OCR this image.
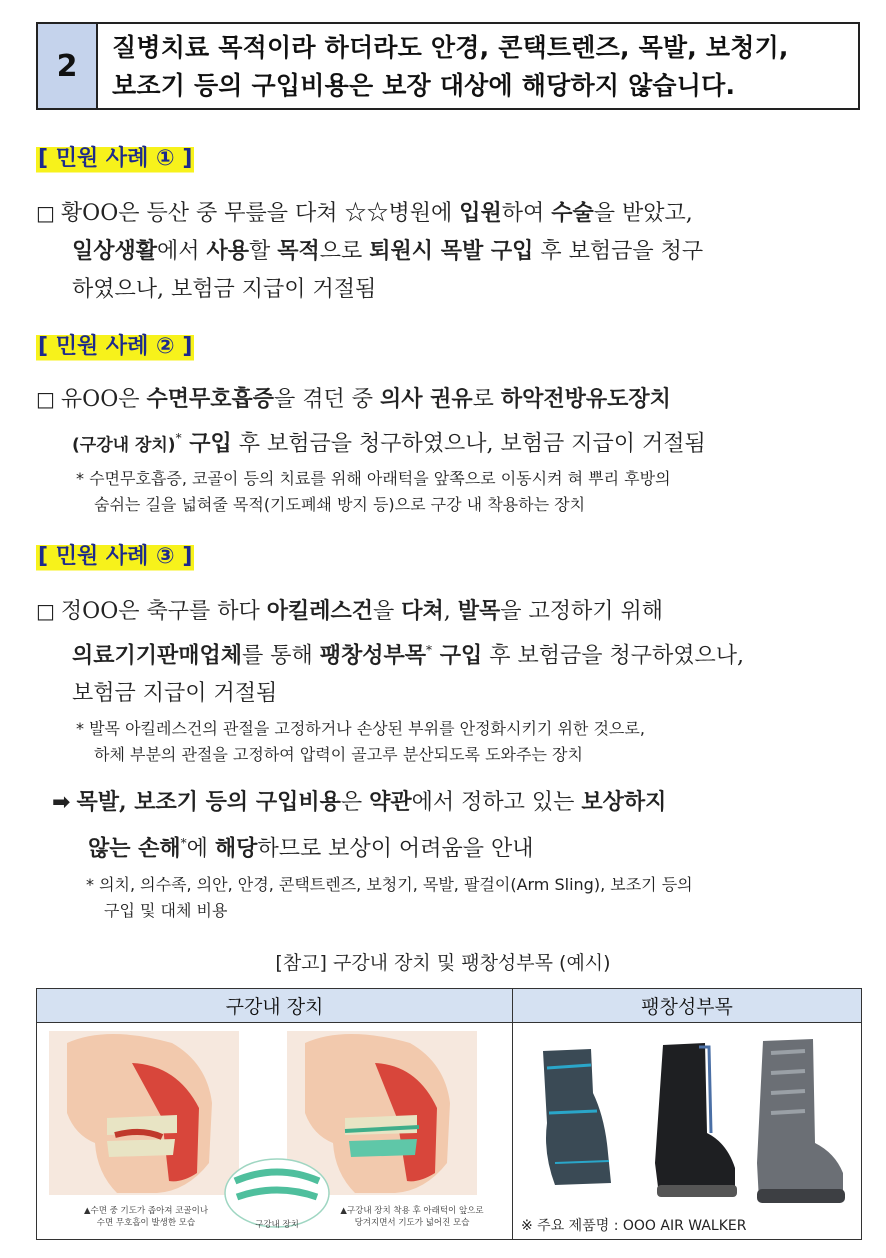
2
질병치료 목적이라 하더라도 안경, 콘택트렌즈, 목발, 보청기,
보조기 등의 구입비용은 보장 대상에 해당하지 않습니다.
[ 민원 사례 ① ]
□ 황OO은 등산 중 무릎을 다쳐 ☆☆병원에 입원하여 수술을 받았고,
일상생활에서 사용할 목적으로 퇴원시 목발 구입 후 보험금을 청구
하였으나, 보험금 지급이 거절됨
[ 민원 사례 ② ]
□ 유OO은 수면무호흡증을 겪던 중 의사 권유로 하악전방유도장치
(구강내 장치)* 구입 후 보험금을 청구하였으나, 보험금 지급이 거절됨
* 수면무호흡증, 코골이 등의 치료를 위해 아래턱을 앞쪽으로 이동시켜 혀 뿌리 후방의
숨쉬는 길을 넓혀줄 목적(기도폐쇄 방지 등)으로 구강 내 착용하는 장치
[ 민원 사례 ③ ]
□ 정OO은 축구를 하다 아킬레스건을 다쳐, 발목을 고정하기 위해
의료기기판매업체를 통해 팽창성부목* 구입 후 보험금을 청구하였으나,
보험금 지급이 거절됨
* 발목 아킬레스건의 관절을 고정하거나 손상된 부위를 안정화시키기 위한 것으로,
하체 부분의 관절을 고정하여 압력이 골고루 분산되도록 도와주는 장치
➡ 목발, 보조기 등의 구입비용은 약관에서 정하고 있는 보상하지
않는 손해*에 해당하므로 보상이 어려움을 안내
* 의치, 의수족, 의안, 안경, 콘택트렌즈, 보청기, 목발, 팔걸이(Arm Sling), 보조기 등의
구입 및 대체 비용
[참고] 구강내 장치 및 팽창성부목 (예시)
구강내 장치	팽창성부목
▲수면 중 기도가 좁아져 코골이나
수면 무호흡이 발생한 모습	구강내 장치
▲구강내 장치 착용 후 아래턱이 앞으로
당겨지면서 기도가 넓어진 모습	※ 주요 제품명 : OOO AIR WALKER
